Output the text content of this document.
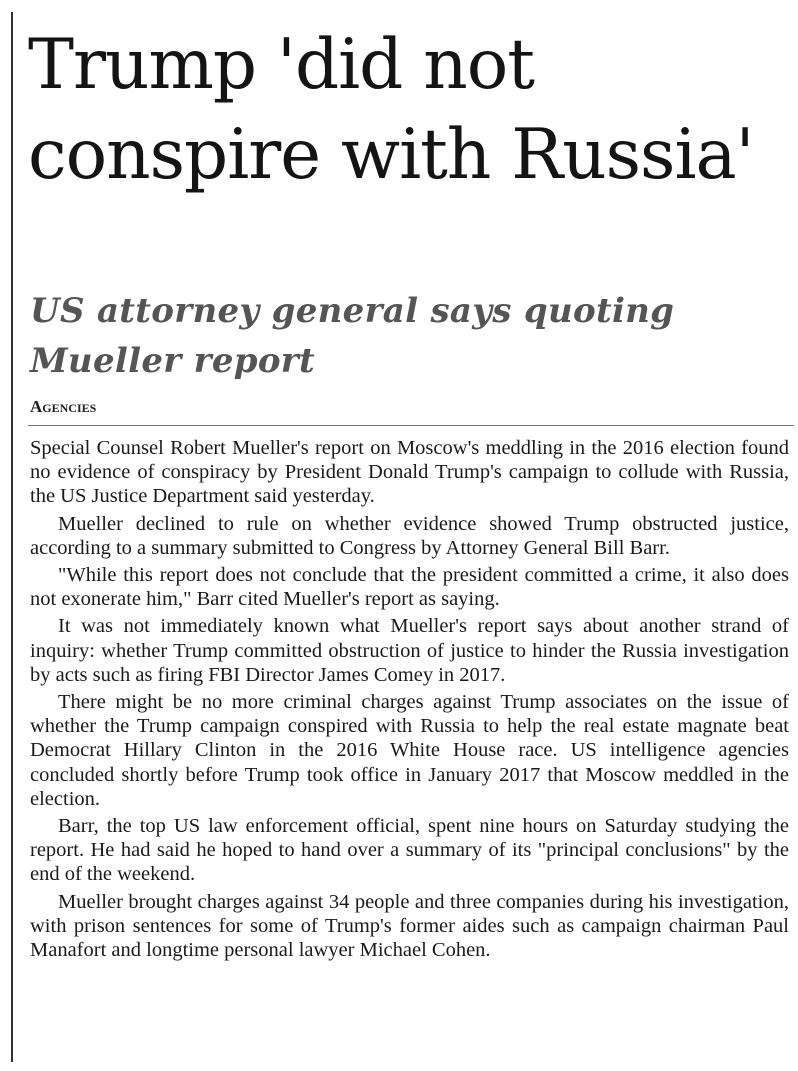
Trump 'did not conspire with Russia'
US attorney general says quoting Mueller report
Agencies

Special Counsel Robert Mueller's report on Moscow's meddling in the 2016 election found no evidence of conspiracy by President Donald Trump's campaign to collude with Russia, the US Justice Department said yesterday.

Mueller declined to rule on whether evidence showed Trump obstructed justice, according to a summary submitted to Congress by Attorney General Bill Barr.

"While this report does not conclude that the president committed a crime, it also does not exonerate him," Barr cited Mueller's report as saying.

It was not immediately known what Mueller's report says about another strand of inquiry: whether Trump committed obstruction of justice to hinder the Russia investigation by acts such as firing FBI Director James Comey in 2017.

There might be no more criminal charges against Trump associates on the issue of whether the Trump campaign conspired with Russia to help the real estate magnate beat Democrat Hillary Clinton in the 2016 White House race. US intelligence agencies concluded shortly before Trump took office in January 2017 that Moscow meddled in the election.

Barr, the top US law enforcement official, spent nine hours on Saturday studying the report. He had said he hoped to hand over a summary of its "principal conclusions" by the end of the weekend.

Mueller brought charges against 34 people and three companies during his investigation, with prison sentences for some of Trump's former aides such as campaign chairman Paul Manafort and longtime personal lawyer Michael Cohen.
